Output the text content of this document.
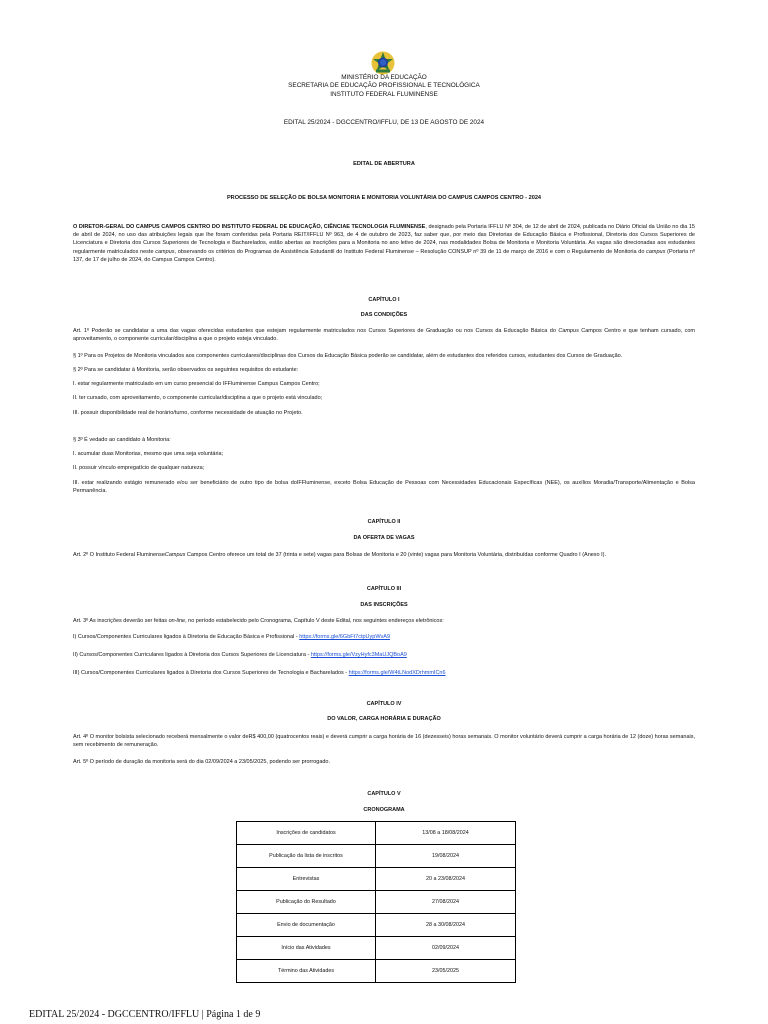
MINISTÉRIO DA EDUCAÇÃO
SECRETARIA DE EDUCAÇÃO PROFISSIONAL E TECNOLÓGICA
INSTITUTO FEDERAL FLUMINENSE
EDITAL 25/2024 - DGCCENTRO/IFFLU, DE 13 DE AGOSTO DE 2024
EDITAL DE ABERTURA
PROCESSO DE SELEÇÃO DE BOLSA MONITORIA E MONITORIA VOLUNTÁRIA DO CAMPUS CAMPOS CENTRO - 2024

O DIRETOR-GERAL DO CAMPUS CAMPOS CENTRO DO INSTITUTO FEDERAL DE EDUCAÇÃO, CIÊNCIAE TECNOLOGIA FLUMINENSE, designado pela Portaria IFFLU Nº 304, de 12 de abril de 2024, publicada no Diário Oficial da União no dia 15 de abril de 2024, no uso das atribuições legais que lhe foram conferidas pela Portaria REIT/IFFLU Nº 963, de 4 de outubro de 2023, faz saber que, por meio das Diretorias de Educação Básica e Profissional, Diretoria dos Cursos Superiores de Licenciatura e Diretoria dos Cursos Superiores de Tecnologia e Bacharelados, estão abertas as inscrições para a Monitoria no ano letivo de 2024, nas modalidades Bolsa de Monitoria e Monitoria Voluntária. As vagas são direcionadas aos estudantes regularmente matriculados neste campus, observando os critérios do Programas de Assistência Estudantil do Instituto Federal Fluminense – Resolução CONSUP nº 39 de 11 de março de 2016 e com o Regulamento de Monitoria do campus (Portaria nº 137, de 17 de julho de 2024, do Campus Campos Centro).

CAPÍTULO I
DAS CONDIÇÕES

Art. 1º Poderão se candidatar a uma das vagas oferecidas estudantes que estejam regularmente matriculados nos Cursos Superiores de Graduação ou nos Cursos da Educação Básica do Campus Campos Centro e que tenham cursado, com aproveitamento, o componente curricular/disciplina a que o projeto esteja vinculado.

§ 1º Para os Projetos de Monitoria vinculados aos componentes curriculares/disciplinas dos Cursos da Educação Básica poderão se candidatar, além de estudantes dos referidos cursos, estudantes dos Cursos de Graduação.
§ 2º Para se candidatar à Monitoria, serão observados os seguintes requisitos do estudante:
I. estar regularmente matriculado em um curso presencial do IFFluminense Campus Campos Centro;
II. ter cursado, com aproveitamento, o componente curricular/disciplina a que o projeto está vinculado;
III. possuir disponibilidade real de horário/turno, conforme necessidade de atuação no Projeto.
§ 3º É vedado ao candidato à Monitoria:
I. acumular duas Monitorias, mesmo que uma seja voluntária;
II. possuir vínculo empregatício de qualquer natureza;
III. estar realizando estágio remunerado e/ou ser beneficiário de outro tipo de bolsa doIFFluminense, exceto Bolsa Educação de Pessoas com Necessidades Educacionais Específicas (NEE), os auxílios Moradia/Transporte/Alimentação e Bolsa Permanência.
CAPÍTULO II
DA OFERTA DE VAGAS

Art. 2º O Instituto Federal FluminenseCampus Campos Centro oferece um total de 37 (trinta e sete) vagas para Bolsas de Monitoria e 20 (vinte) vagas para Monitoria Voluntária, distribuídas conforme Quadro I (Anexo I).

CAPÍTULO III
DAS INSCRIÇÕES

Art. 3º As inscrições deverão ser feitas on-line, no período estabelecido pelo Cronograma, Capítulo V deste Edital, nos seguintes endereços eletrônicos:

I) Cursos/Componentes Curriculares ligados à Diretoria de Educação Básica e Profissional - https://forms.gle/6GbFt7ctpUypWvA9
II) Cursos/Componentes Curriculares ligados à Diretoria dos Cursos Superiores de Licenciatura - https://forms.gle/VzyHyfc3MaUJQBoA9
III) Cursos/Componentes Curriculares ligados à Diretoria dos Cursos Superiores de Tecnologia e Bacharelados - https://forms.gle/W4tLNodXDrhmmICn6
CAPÍTULO IV
DO VALOR, CARGA HORÁRIA E DURAÇÃO
Art. 4º O monitor bolsista selecionado receberá mensalmente o valor deR$ 400,00 (quatrocentos reais) e deverá cumprir a carga horária de 16 (dezesseis) horas semanais. O monitor voluntário deverá cumprir a carga horária de 12 (doze) horas semanais, sem recebimento de remuneração.
Art. 5º O período de duração da monitoria será do dia 02/09/2024 a 23/05/2025, podendo ser prorrogado.
CAPÍTULO V
CRONOGRAMA
Inscrições de candidatos	13/08 a 18/08/2024
Publicação da lista de inscritos	19/08/2024
Entrevistas	20 a 23/08/2024
Publicação do Resultado	27/08/2024
Envio de documentação	28 a 30/08/2024
Início das Atividades	02/09/2024
Término das Atividades	23/05/2025
EDITAL 25/2024 - DGCCENTRO/IFFLU | Página 1 de 9
